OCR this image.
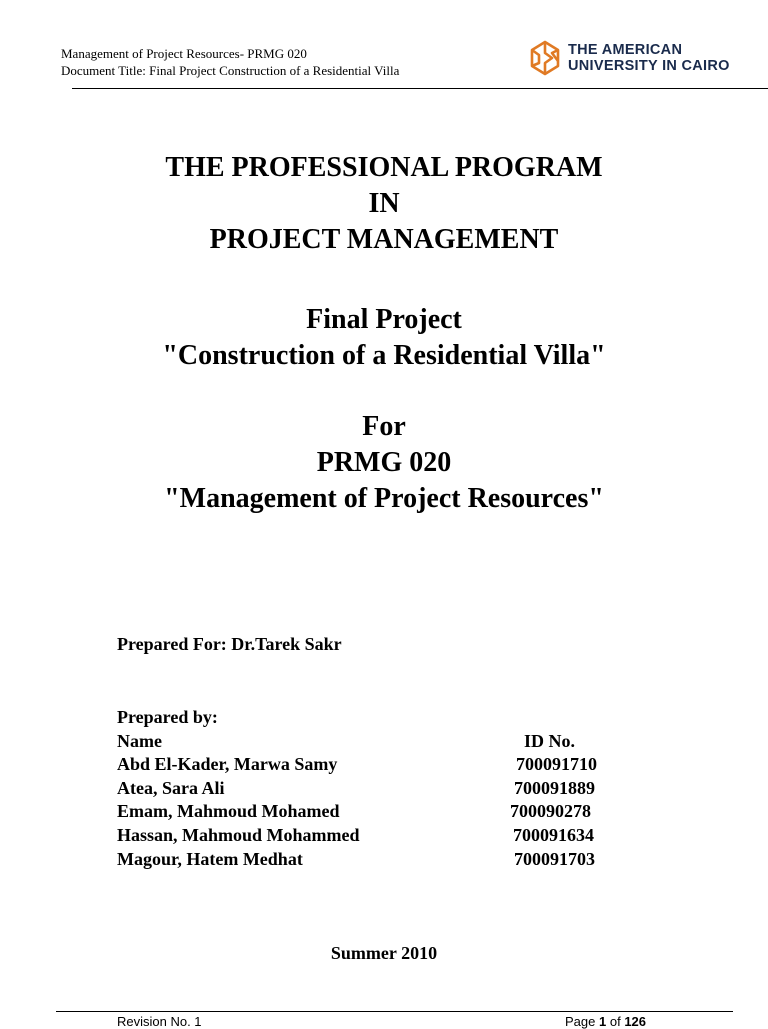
Management of Project Resources- PRMG 020
Document Title: Final Project Construction of a Residential Villa
THE AMERICAN
UNIVERSITY IN CAIRO
THE PROFESSIONAL PROGRAM
IN
PROJECT MANAGEMENT
Final Project
"Construction of a Residential Villa"
For
PRMG 020
"Management of Project Resources"
Prepared For: Dr.Tarek Sakr
Prepared by:
Name	ID No.
Abd El-Kader, Marwa Samy	700091710
Atea, Sara Ali	700091889
Emam, Mahmoud Mohamed	700090278
Hassan, Mahmoud Mohammed	700091634
Magour, Hatem Medhat	700091703
Summer 2010
Revision No. 1	Page 1 of 126
